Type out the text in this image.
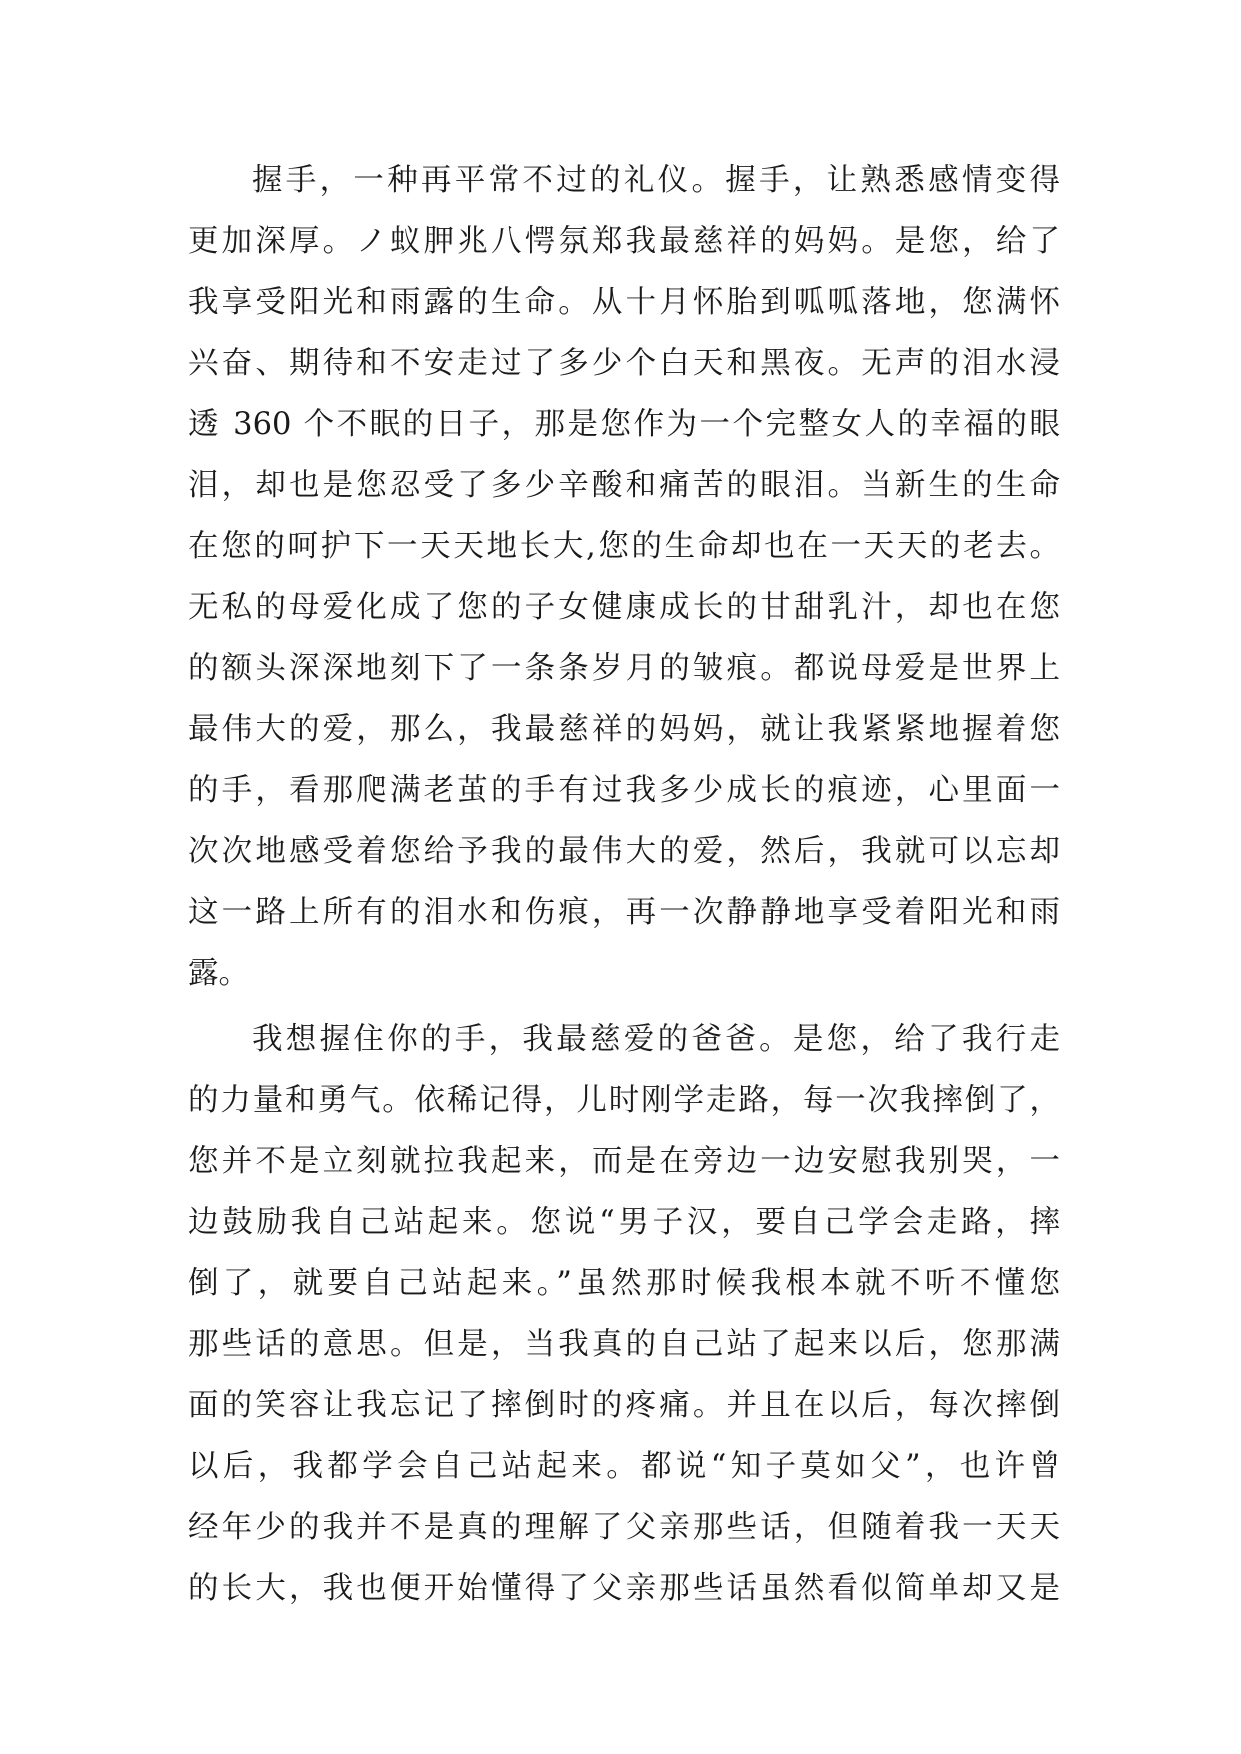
握手，一种再平常不过的礼仪。握手，让熟悉感情变得
更加深厚。ノ蚁胛兆八愕氛郑我最慈祥的妈妈。是您，给了
我享受阳光和雨露的生命。从十月怀胎到呱呱落地，您满怀
兴奋、期待和不安走过了多少个白天和黑夜。无声的泪水浸
透 360 个不眠的日子，那是您作为一个完整女人的幸福的眼
泪，却也是您忍受了多少辛酸和痛苦的眼泪。当新生的生命
在您的呵护下一天天地长大,您的生命却也在一天天的老去。
无私的母爱化成了您的子女健康成长的甘甜乳汁，却也在您
的额头深深地刻下了一条条岁月的皱痕。都说母爱是世界上
最伟大的爱，那么，我最慈祥的妈妈，就让我紧紧地握着您
的手，看那爬满老茧的手有过我多少成长的痕迹，心里面一
次次地感受着您给予我的最伟大的爱，然后，我就可以忘却
这一路上所有的泪水和伤痕，再一次静静地享受着阳光和雨
露。
我想握住你的手，我最慈爱的爸爸。是您，给了我行走
的力量和勇气。依稀记得，儿时刚学走路，每一次我摔倒了，
您并不是立刻就拉我起来，而是在旁边一边安慰我别哭，一
边鼓励我自己站起来。您说“男子汉，要自己学会走路，摔
倒了，就要自己站起来。”虽然那时候我根本就不听不懂您
那些话的意思。但是，当我真的自己站了起来以后，您那满
面的笑容让我忘记了摔倒时的疼痛。并且在以后，每次摔倒
以后，我都学会自己站起来。都说“知子莫如父”，也许曾
经年少的我并不是真的理解了父亲那些话，但随着我一天天
的长大，我也便开始懂得了父亲那些话虽然看似简单却又是
